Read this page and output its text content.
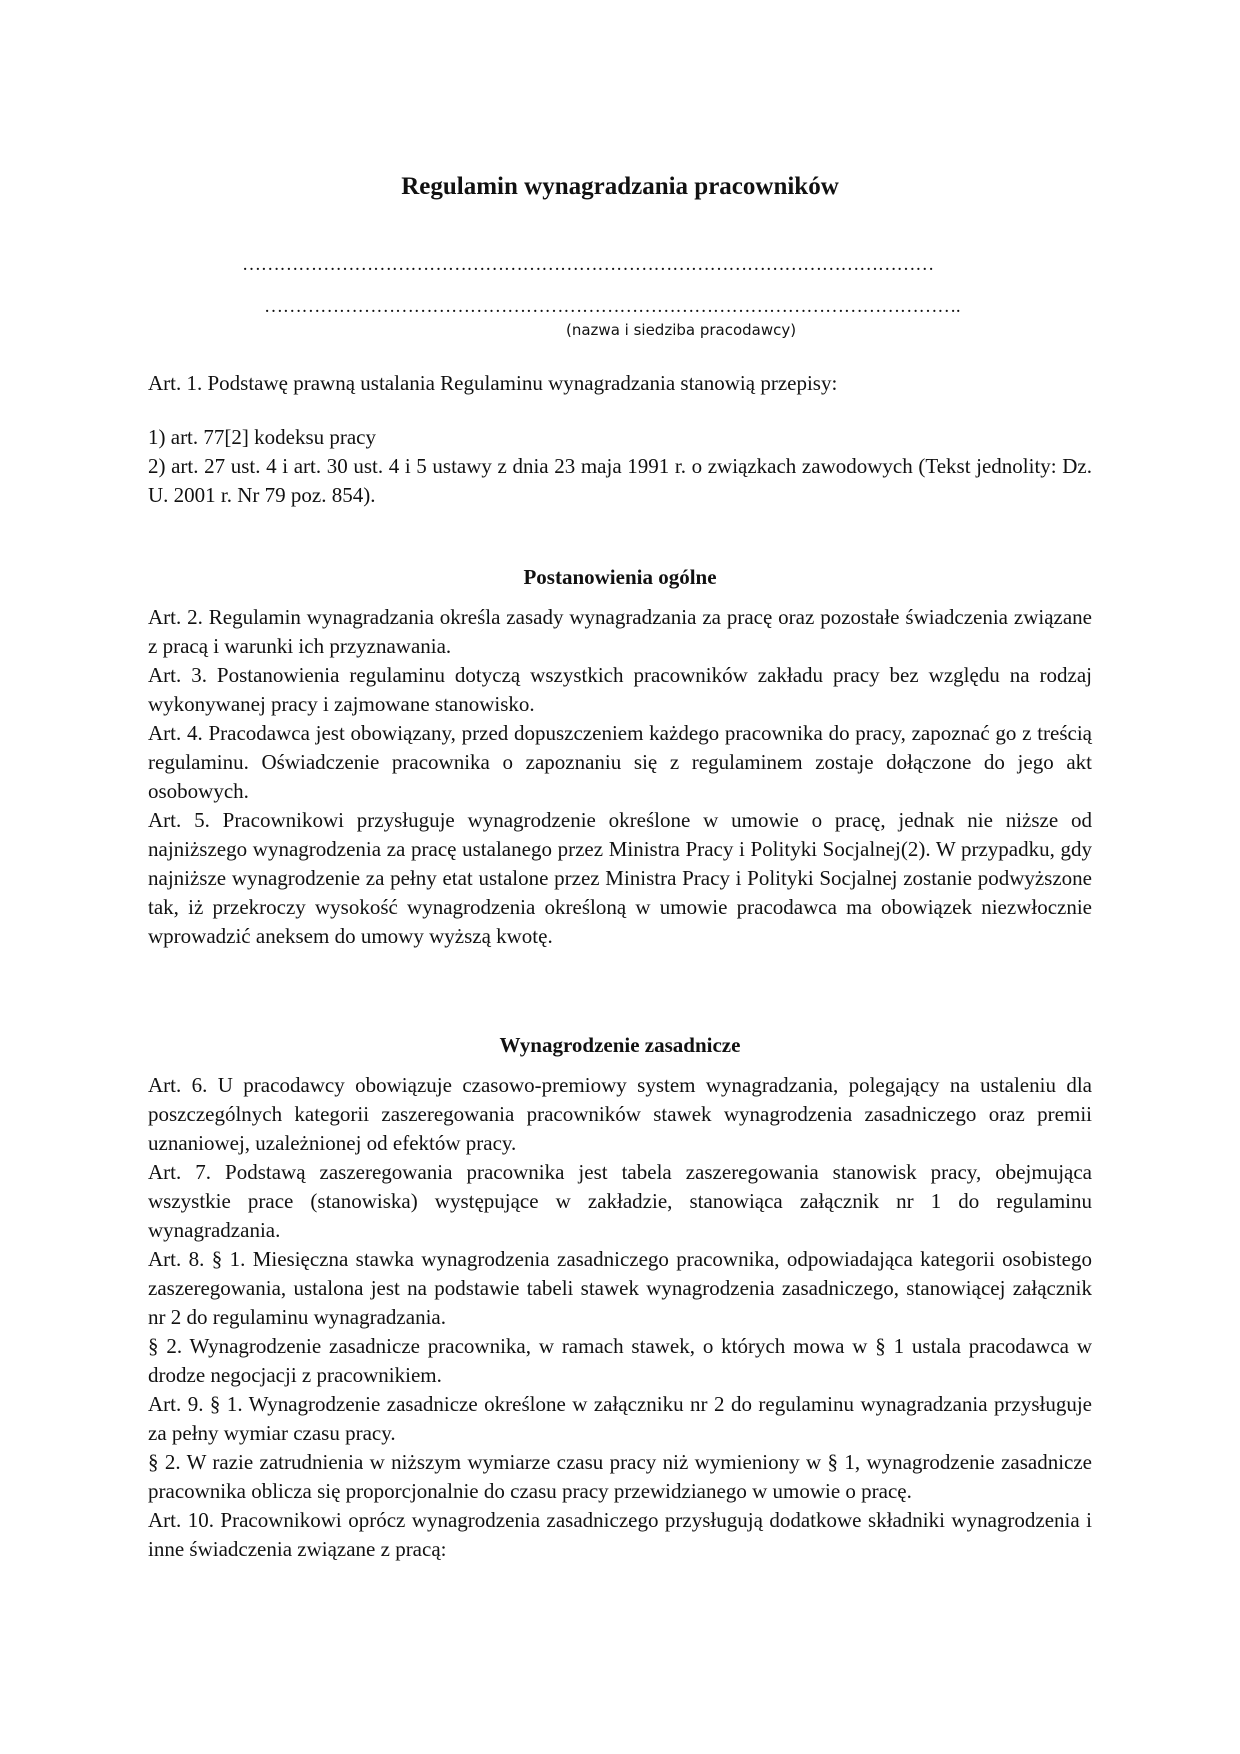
Regulamin wynagradzania pracowników
…………………………………………………………………………………………………
………………………………………………………………………………………………….
(nazwa i siedziba pracodawcy)

Art. 1. Podstawę prawną ustalania Regulaminu wynagradzania stanowią przepisy:

1) art. 77[2] kodeksu pracy

2) art. 27 ust. 4 i art. 30 ust. 4 i 5 ustawy z dnia 23 maja 1991 r. o związkach zawodowych (Tekst jednolity: Dz. U. 2001 r. Nr 79 poz. 854).

Postanowienia ogólne

Art. 2. Regulamin wynagradzania określa zasady wynagradzania za pracę oraz pozostałe świadczenia związane z pracą i warunki ich przyznawania.

Art. 3. Postanowienia regulaminu dotyczą wszystkich pracowników zakładu pracy bez względu na rodzaj wykonywanej pracy i zajmowane stanowisko.

Art. 4. Pracodawca jest obowiązany, przed dopuszczeniem każdego pracownika do pracy, zapoznać go z treścią regulaminu. Oświadczenie pracownika o zapoznaniu się z regulaminem zostaje dołączone do jego akt osobowych.

Art. 5. Pracownikowi przysługuje wynagrodzenie określone w umowie o pracę, jednak nie niższe od najniższego wynagrodzenia za pracę ustalanego przez Ministra Pracy i Polityki Socjalnej(2). W przypadku, gdy najniższe wynagrodzenie za pełny etat ustalone przez Ministra Pracy i Polityki Socjalnej zostanie podwyższone tak, iż przekroczy wysokość wynagrodzenia określoną w umowie pracodawca ma obowiązek niezwłocznie wprowadzić aneksem do umowy wyższą kwotę.

Wynagrodzenie zasadnicze

Art. 6. U pracodawcy obowiązuje czasowo-premiowy system wynagradzania, polegający na ustaleniu dla poszczególnych kategorii zaszeregowania pracowników stawek wynagrodzenia zasadniczego oraz premii uznaniowej, uzależnionej od efektów pracy.

Art. 7. Podstawą zaszeregowania pracownika jest tabela zaszeregowania stanowisk pracy, obejmująca wszystkie prace (stanowiska) występujące w zakładzie, stanowiąca załącznik nr 1 do regulaminu wynagradzania.

Art. 8. § 1. Miesięczna stawka wynagrodzenia zasadniczego pracownika, odpowiadająca kategorii osobistego zaszeregowania, ustalona jest na podstawie tabeli stawek wynagrodzenia zasadniczego, stanowiącej załącznik nr 2 do regulaminu wynagradzania.

§ 2. Wynagrodzenie zasadnicze pracownika, w ramach stawek, o których mowa w § 1 ustala pracodawca w drodze negocjacji z pracownikiem.

Art. 9. § 1. Wynagrodzenie zasadnicze określone w załączniku nr 2 do regulaminu wynagradzania przysługuje za pełny wymiar czasu pracy.

§ 2. W razie zatrudnienia w niższym wymiarze czasu pracy niż wymieniony w § 1, wynagrodzenie zasadnicze pracownika oblicza się proporcjonalnie do czasu pracy przewidzianego w umowie o pracę.

Art. 10. Pracownikowi oprócz wynagrodzenia zasadniczego przysługują dodatkowe składniki wynagrodzenia i inne świadczenia związane z pracą:
